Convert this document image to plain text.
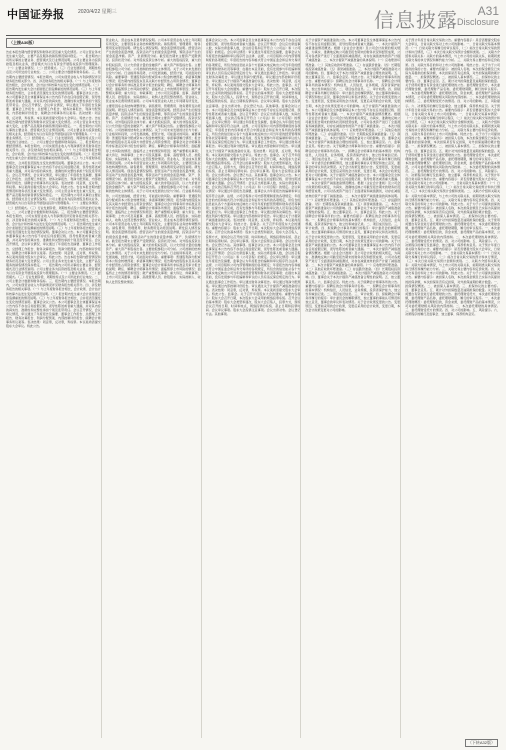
中国证券报	2020/4/22 星期三	信息披露 A31
Disclosure
（上接A30版）
告在本报告期内经营情况和财务状况及重大变化情况。公司主营业务未发生重大变化，主要产品及服务的销售情况保持稳定。一、报告期内公司所从事的主要业务、经营模式及行业情况说明。公司主要业务为投资控股及相关业务，经营模式为以自有资金开展股权投资与管理服务。（一）主要业务情况。（二）经营模式。（三）行业发展阶段、周期性特点及公司所处的行业地位。二、公司主要会计数据和财务指标。三、报告期内主要经营情况。本报告期内，公司实现营业收入与利润情况详见财务报告相关部分。四、涉及财务报告的相关事项。（一）与上年度财务报告相比，会计政策、会计估计和核算方法发生变化的情况说明。（二）报告期内发生重大会计差错更正需追溯重述的情况说明。（三）与上年度财务报告相比，合并报表范围发生变化的情况说明。董事会决议公告。本公司董事会及全体董事保证本公告内容不存在任何虚假记载、误导性陈述或者重大遗漏，并对其内容的真实性、准确性和完整性承担个别及连带责任。会议召开情况，会议审议情况，审议通过了年度报告及摘要、董事会工作报告、总经理工作报告、财务决算报告、利润分配预案、内部控制评价报告、续聘会计师事务所议案等。表决结果：同意票，反对票，弃权票。本议案尚需提交股东大会审议。特此公告。告在本报告期内经营情况和财务状况及重大变化情况。公司主营业务未发生重大变化，主要产品及服务的销售情况保持稳定。一、报告期内公司所从事的主要业务、经营模式及行业情况说明。公司主要业务为投资控股及相关业务，经营模式为以自有资金开展股权投资与管理服务。（一）主要业务情况。（二）经营模式。（三）行业发展阶段、周期性特点及公司所处的行业地位。二、公司主要会计数据和财务指标。三、报告期内主要经营情况。本报告期内，公司实现营业收入与利润情况详见财务报告相关部分。四、涉及财务报告的相关事项。（一）与上年度财务报告相比，会计政策、会计估计和核算方法发生变化的情况说明。（二）报告期内发生重大会计差错更正需追溯重述的情况说明。（三）与上年度财务报告相比，合并报表范围发生变化的情况说明。董事会决议公告。本公司董事会及全体董事保证本公告内容不存在任何虚假记载、误导性陈述或者重大遗漏，并对其内容的真实性、准确性和完整性承担个别及连带责任。会议召开情况，会议审议情况，审议通过了年度报告及摘要、董事会工作报告、总经理工作报告、财务决算报告、利润分配预案、内部控制评价报告、续聘会计师事务所议案等。表决结果：同意票，反对票，弃权票。本议案尚需提交股东大会审议。特此公告。告在本报告期内经营情况和财务状况及重大变化情况。公司主营业务未发生重大变化，主要产品及服务的销售情况保持稳定。一、报告期内公司所从事的主要业务、经营模式及行业情况说明。公司主要业务为投资控股及相关业务，经营模式为以自有资金开展股权投资与管理服务。（一）主要业务情况。（二）经营模式。（三）行业发展阶段、周期性特点及公司所处的行业地位。二、公司主要会计数据和财务指标。三、报告期内主要经营情况。本报告期内，公司实现营业收入与利润情况详见财务报告相关部分。四、涉及财务报告的相关事项。（一）与上年度财务报告相比，会计政策、会计估计和核算方法发生变化的情况说明。（二）报告期内发生重大会计差错更正需追溯重述的情况说明。（三）与上年度财务报告相比，合并报表范围发生变化的情况说明。董事会决议公告。本公司董事会及全体董事保证本公告内容不存在任何虚假记载、误导性陈述或者重大遗漏，并对其内容的真实性、准确性和完整性承担个别及连带责任。会议召开情况，会议审议情况，审议通过了年度报告及摘要、董事会工作报告、总经理工作报告、财务决算报告、利润分配预案、内部控制评价报告、续聘会计师事务所议案等。表决结果：同意票，反对票，弃权票。本议案尚需提交股东大会审议。特此公告。告在本报告期内经营情况和财务状况及重大变化情况。公司主营业务未发生重大变化，主要产品及服务的销售情况保持稳定。一、报告期内公司所从事的主要业务、经营模式及行业情况说明。公司主要业务为投资控股及相关业务，经营模式为以自有资金开展股权投资与管理服务。（一）主要业务情况。（二）经营模式。（三）行业发展阶段、周期性特点及公司所处的行业地位。二、公司主要会计数据和财务指标。三、报告期内主要经营情况。本报告期内，公司实现营业收入与利润情况详见财务报告相关部分。四、涉及财务报告的相关事项。（一）与上年度财务报告相比，会计政策、会计估计和核算方法发生变化的情况说明。（二）报告期内发生重大会计差错更正需追溯重述的情况说明。（三）与上年度财务报告相比，合并报表范围发生变化的情况说明。董事会决议公告。本公司董事会及全体董事保证本公告内容不存在任何虚假记载、误导性陈述或者重大遗漏，并对其内容的真实性、准确性和完整性承担个别及连带责任。会议召开情况，会议审议情况，审议通过了年度报告及摘要、董事会工作报告、总经理工作报告、财务决算报告、利润分配预案、内部控制评价报告、续聘会计师事务所议案等。表决结果：同意票，反对票，弃权票。本议案尚需提交股东大会审议。特此公告。
营业收入、营业成本及费用情况说明。公司本年度营业收入较上年同期有所变化，主要原因系业务结构调整所致。销售费用、管理费用、财务费用变动原因说明。研发投入情况说明。现金流量情况说明。经营活动产生的现金流量净额，投资活动产生的现金流量净额，筹资活动产生的现金流量净额。资产、负债情况分析。截至报告期末主要资产受限情况。投资状况分析。对外股权投资总体分析。重大的股权投资，重大的非股权投资，以公允价值计量的金融资产。重大资产和股权出售。主要控股参股公司分析。公司控制的结构化主体情况。关于公司未来发展的讨论与分析。行业格局和趋势，公司发展战略，经营计划，可能面对的风险。重要事项：普通股利润分配或资本公积金转增预案；承诺事项履行情况；报告期内控股股东及其关联方非经营性占用资金情况；董事会对会计师事务所非标准意见审计报告的说明；聘任、解聘会计师事务所情况；面临暂停上市风险的情况；面临终止上市的情况和原因；破产重整相关事项；重大诉讼、仲裁事项；上市公司及其董事、监事、高级管理人员、控股股东、实际控制人、收购人处罚及整改情况。营业收入、营业成本及费用情况说明。公司本年度营业收入较上年同期有所变化，主要原因系业务结构调整所致。销售费用、管理费用、财务费用变动原因说明。研发投入情况说明。现金流量情况说明。经营活动产生的现金流量净额，投资活动产生的现金流量净额，筹资活动产生的现金流量净额。资产、负债情况分析。截至报告期末主要资产受限情况。投资状况分析。对外股权投资总体分析。重大的股权投资，重大的非股权投资，以公允价值计量的金融资产。重大资产和股权出售。主要控股参股公司分析。公司控制的结构化主体情况。关于公司未来发展的讨论与分析。行业格局和趋势，公司发展战略，经营计划，可能面对的风险。重要事项：普通股利润分配或资本公积金转增预案；承诺事项履行情况；报告期内控股股东及其关联方非经营性占用资金情况；董事会对会计师事务所非标准意见审计报告的说明；聘任、解聘会计师事务所情况；面临暂停上市风险的情况；面临终止上市的情况和原因；破产重整相关事项；重大诉讼、仲裁事项；上市公司及其董事、监事、高级管理人员、控股股东、实际控制人、收购人处罚及整改情况。营业收入、营业成本及费用情况说明。公司本年度营业收入较上年同期有所变化，主要原因系业务结构调整所致。销售费用、管理费用、财务费用变动原因说明。研发投入情况说明。现金流量情况说明。经营活动产生的现金流量净额，投资活动产生的现金流量净额，筹资活动产生的现金流量净额。资产、负债情况分析。截至报告期末主要资产受限情况。投资状况分析。对外股权投资总体分析。重大的股权投资，重大的非股权投资，以公允价值计量的金融资产。重大资产和股权出售。主要控股参股公司分析。公司控制的结构化主体情况。关于公司未来发展的讨论与分析。行业格局和趋势，公司发展战略，经营计划，可能面对的风险。重要事项：普通股利润分配或资本公积金转增预案；承诺事项履行情况；报告期内控股股东及其关联方非经营性占用资金情况；董事会对会计师事务所非标准意见审计报告的说明；聘任、解聘会计师事务所情况；面临暂停上市风险的情况；面临终止上市的情况和原因；破产重整相关事项；重大诉讼、仲裁事项；上市公司及其董事、监事、高级管理人员、控股股东、实际控制人、收购人处罚及整改情况。营业收入、营业成本及费用情况说明。公司本年度营业收入较上年同期有所变化，主要原因系业务结构调整所致。销售费用、管理费用、财务费用变动原因说明。研发投入情况说明。现金流量情况说明。经营活动产生的现金流量净额，投资活动产生的现金流量净额，筹资活动产生的现金流量净额。资产、负债情况分析。截至报告期末主要资产受限情况。投资状况分析。对外股权投资总体分析。重大的股权投资，重大的非股权投资，以公允价值计量的金融资产。重大资产和股权出售。主要控股参股公司分析。公司控制的结构化主体情况。关于公司未来发展的讨论与分析。行业格局和趋势，公司发展战略，经营计划，可能面对的风险。重要事项：普通股利润分配或资本公积金转增预案；承诺事项履行情况；报告期内控股股东及其关联方非经营性占用资金情况；董事会对会计师事务所非标准意见审计报告的说明；聘任、解聘会计师事务所情况；面临暂停上市风险的情况；面临终止上市的情况和原因；破产重整相关事项；重大诉讼、仲裁事项；上市公司及其董事、监事、高级管理人员、控股股东、实际控制人、收购人处罚及整改情况。
监事会决议公告。本公司监事会及全体监事保证本公告内容不存在任何虚假记载、误导性陈述或者重大遗漏。会议召开情况：会议应出席监事人数，实际出席监事人数，会议的召集和召开符合《公司法》和《公司章程》的规定。会议审议情况：审议通过年度报告及摘要，监事会认为年度报告的编制和审议程序符合法律、法规、公司章程和公司内部管理制度的各项规定；年度报告的内容和格式符合中国证监会和证券交易所的各项规定，所包含的信息能从各个方面真实地反映出公司当年度的经营管理和财务状况等事项；在提出本意见前，没有发现参与年报编制和审议的人员有违反保密规定的行为。审议通过监事会工作报告。审议通过财务决算报告。审议通过利润分配预案。审议通过内部控制评价报告。审议通过关于计提资产减值准备的议案。表决结果：同意票，反对票，弃权票。本议案尚需提交股东大会审议。特此公告。监事会。关于召开年度股东大会的通知。重要内容提示：股东大会召开日期，本次股东大会采用的网络投票系统。召开会议的基本情况：股东大会类型和届次，股东大会召集人，投票方式，现场会议召开的日期、时间和地点，网络投票的系统、起止日期和投票时间。会议审议事项。股东大会投票注意事项。会议出席对象。会议登记方法。其他事项。监事会决议公告。本公司监事会及全体监事保证本公告内容不存在任何虚假记载、误导性陈述或者重大遗漏。会议召开情况：会议应出席监事人数，实际出席监事人数，会议的召集和召开符合《公司法》和《公司章程》的规定。会议审议情况：审议通过年度报告及摘要，监事会认为年度报告的编制和审议程序符合法律、法规、公司章程和公司内部管理制度的各项规定；年度报告的内容和格式符合中国证监会和证券交易所的各项规定，所包含的信息能从各个方面真实地反映出公司当年度的经营管理和财务状况等事项；在提出本意见前，没有发现参与年报编制和审议的人员有违反保密规定的行为。审议通过监事会工作报告。审议通过财务决算报告。审议通过利润分配预案。审议通过内部控制评价报告。审议通过关于计提资产减值准备的议案。表决结果：同意票，反对票，弃权票。本议案尚需提交股东大会审议。特此公告。监事会。关于召开年度股东大会的通知。重要内容提示：股东大会召开日期，本次股东大会采用的网络投票系统。召开会议的基本情况：股东大会类型和届次，股东大会召集人，投票方式，现场会议召开的日期、时间和地点，网络投票的系统、起止日期和投票时间。会议审议事项。股东大会投票注意事项。会议出席对象。会议登记方法。其他事项。监事会决议公告。本公司监事会及全体监事保证本公告内容不存在任何虚假记载、误导性陈述或者重大遗漏。会议召开情况：会议应出席监事人数，实际出席监事人数，会议的召集和召开符合《公司法》和《公司章程》的规定。会议审议情况：审议通过年度报告及摘要，监事会认为年度报告的编制和审议程序符合法律、法规、公司章程和公司内部管理制度的各项规定；年度报告的内容和格式符合中国证监会和证券交易所的各项规定，所包含的信息能从各个方面真实地反映出公司当年度的经营管理和财务状况等事项；在提出本意见前，没有发现参与年报编制和审议的人员有违反保密规定的行为。审议通过监事会工作报告。审议通过财务决算报告。审议通过利润分配预案。审议通过内部控制评价报告。审议通过关于计提资产减值准备的议案。表决结果：同意票，反对票，弃权票。本议案尚需提交股东大会审议。特此公告。监事会。关于召开年度股东大会的通知。重要内容提示：股东大会召开日期，本次股东大会采用的网络投票系统。召开会议的基本情况：股东大会类型和届次，股东大会召集人，投票方式，现场会议召开的日期、时间和地点，网络投票的系统、起止日期和投票时间。会议审议事项。股东大会投票注意事项。会议出席对象。会议登记方法。其他事项。监事会决议公告。本公司监事会及全体监事保证本公告内容不存在任何虚假记载、误导性陈述或者重大遗漏。会议召开情况：会议应出席监事人数，实际出席监事人数，会议的召集和召开符合《公司法》和《公司章程》的规定。会议审议情况：审议通过年度报告及摘要，监事会认为年度报告的编制和审议程序符合法律、法规、公司章程和公司内部管理制度的各项规定；年度报告的内容和格式符合中国证监会和证券交易所的各项规定，所包含的信息能从各个方面真实地反映出公司当年度的经营管理和财务状况等事项；在提出本意见前，没有发现参与年报编制和审议的人员有违反保密规定的行为。审议通过监事会工作报告。审议通过财务决算报告。审议通过利润分配预案。审议通过内部控制评价报告。审议通过关于计提资产减值准备的议案。表决结果：同意票，反对票，弃权票。本议案尚需提交股东大会审议。特此公告。监事会。关于召开年度股东大会的通知。重要内容提示：股东大会召开日期，本次股东大会采用的网络投票系统。召开会议的基本情况：股东大会类型和届次，股东大会召集人，投票方式，现场会议召开的日期、时间和地点，网络投票的系统、起止日期和投票时间。会议审议事项。股东大会投票注意事项。会议出席对象。会议登记方法。其他事项。
关于计提资产减值准备的公告。本公司董事会及全体董事保证本公告内容不存在任何虚假记载、误导性陈述或者重大遗漏。一、本次计提资产减值准备情况概述。根据《企业会计准则》及公司会计政策的相关规定，为真实、准确地反映公司截至报告期末的财务状况和经营成果，公司对各类资产进行了全面清查和减值测试，对存在减值迹象的资产计提了减值准备。二、本次计提资产减值准备的具体说明。（一）应收账款坏账准备。（二）其他应收款坏账准备。（三）存货跌价准备。（四）长期股权投资减值准备。（五）商誉减值准备。三、本次计提资产减值准备对公司的影响。四、董事会关于本次计提资产减值准备合理性的说明。五、独立董事意见。六、监事会意见。特此公告。关于续聘会计师事务所的公告。重要内容提示：拟聘任的会计师事务所名称。一、拟聘任会计师事务所的基本情况：机构信息，人员信息，业务规模，投资者保护能力，独立性和诚信记录。二、项目成员信息。三、审计收费。四、拟续聘会计事务所履行的程序：审计委员会的履职情况，独立董事的事前认可情况和独立意见，董事会的审议和表决情况。关于会计政策变更的公告。变更原因，变更前采用的会计政策，变更后采用的会计政策，变更日期，本次会计政策变更对公司的影响。关于计提资产减值准备的公告。本公司董事会及全体董事保证本公告内容不存在任何虚假记载、误导性陈述或者重大遗漏。一、本次计提资产减值准备情况概述。根据《企业会计准则》及公司会计政策的相关规定，为真实、准确地反映公司截至报告期末的财务状况和经营成果，公司对各类资产进行了全面清查和减值测试，对存在减值迹象的资产计提了减值准备。二、本次计提资产减值准备的具体说明。（一）应收账款坏账准备。（二）其他应收款坏账准备。（三）存货跌价准备。（四）长期股权投资减值准备。（五）商誉减值准备。三、本次计提资产减值准备对公司的影响。四、董事会关于本次计提资产减值准备合理性的说明。五、独立董事意见。六、监事会意见。特此公告。关于续聘会计师事务所的公告。重要内容提示：拟聘任的会计师事务所名称。一、拟聘任会计师事务所的基本情况：机构信息，人员信息，业务规模，投资者保护能力，独立性和诚信记录。二、项目成员信息。三、审计收费。四、拟续聘会计事务所履行的程序：审计委员会的履职情况，独立董事的事前认可情况和独立意见，董事会的审议和表决情况。关于会计政策变更的公告。变更原因，变更前采用的会计政策，变更后采用的会计政策，变更日期，本次会计政策变更对公司的影响。关于计提资产减值准备的公告。本公司董事会及全体董事保证本公告内容不存在任何虚假记载、误导性陈述或者重大遗漏。一、本次计提资产减值准备情况概述。根据《企业会计准则》及公司会计政策的相关规定，为真实、准确地反映公司截至报告期末的财务状况和经营成果，公司对各类资产进行了全面清查和减值测试，对存在减值迹象的资产计提了减值准备。二、本次计提资产减值准备的具体说明。（一）应收账款坏账准备。（二）其他应收款坏账准备。（三）存货跌价准备。（四）长期股权投资减值准备。（五）商誉减值准备。三、本次计提资产减值准备对公司的影响。四、董事会关于本次计提资产减值准备合理性的说明。五、独立董事意见。六、监事会意见。特此公告。关于续聘会计师事务所的公告。重要内容提示：拟聘任的会计师事务所名称。一、拟聘任会计师事务所的基本情况：机构信息，人员信息，业务规模，投资者保护能力，独立性和诚信记录。二、项目成员信息。三、审计收费。四、拟续聘会计事务所履行的程序：审计委员会的履职情况，独立董事的事前认可情况和独立意见，董事会的审议和表决情况。关于会计政策变更的公告。变更原因，变更前采用的会计政策，变更后采用的会计政策，变更日期，本次会计政策变更对公司的影响。关于计提资产减值准备的公告。本公司董事会及全体董事保证本公告内容不存在任何虚假记载、误导性陈述或者重大遗漏。一、本次计提资产减值准备情况概述。根据《企业会计准则》及公司会计政策的相关规定，为真实、准确地反映公司截至报告期末的财务状况和经营成果，公司对各类资产进行了全面清查和减值测试，对存在减值迹象的资产计提了减值准备。二、本次计提资产减值准备的具体说明。（一）应收账款坏账准备。（二）其他应收款坏账准备。（三）存货跌价准备。（四）长期股权投资减值准备。（五）商誉减值准备。三、本次计提资产减值准备对公司的影响。四、董事会关于本次计提资产减值准备合理性的说明。五、独立董事意见。六、监事会意见。特此公告。关于续聘会计师事务所的公告。重要内容提示：拟聘任的会计师事务所名称。一、拟聘任会计师事务所的基本情况：机构信息，人员信息，业务规模，投资者保护能力，独立性和诚信记录。二、项目成员信息。三、审计收费。四、拟续聘会计事务所履行的程序：审计委员会的履职情况，独立董事的事前认可情况和独立意见，董事会的审议和表决情况。关于会计政策变更的公告。变更原因，变更前采用的会计政策，变更后采用的会计政策，变更日期，本次会计政策变更对公司的影响。
关于预计年度日常关联交易的公告。重要内容提示：是否需要提交股东大会审议，日常关联交易对上市公司的影响。一、日常关联交易基本情况：（一）日常关联交易履行的审议程序，（二）前次日常关联交易的预计和执行情况，（三）本次日常关联交易预计金额和类别。二、关联方介绍和关联关系：关联方的基本情况，与上市公司的关联关系，前期同类关联交易的执行情况和履约能力分析。三、关联交易主要内容和定价政策。四、关联交易目的和对上市公司的影响。特此公告。关于为子公司提供担保的公告。重要内容提示：被担保人名称，本次担保金额及已实际为其提供的担保余额，本次担保是否有反担保，对外担保逾期的累计数量。一、担保情况概述。二、被担保人基本情况。三、担保协议的主要内容。四、董事会意见。五、累计对外担保数量及逾期担保的数量。关于使用闲置自有资金进行委托理财的公告。委托理财受托方，本次委托理财金额，委托理财产品名称，委托理财期限，履行的审议程序。一、本次委托理财概况：委托理财目的，资金来源，委托理财产品的基本情况，公司对委托理财相关风险的内部控制。二、本次委托理财的具体情况。三、委托理财受托方的情况。四、对公司的影响。五、风险提示。六、决策程序的履行及监事会、独立董事、保荐机构意见。关于预计年度日常关联交易的公告。重要内容提示：是否需要提交股东大会审议，日常关联交易对上市公司的影响。一、日常关联交易基本情况：（一）日常关联交易履行的审议程序，（二）前次日常关联交易的预计和执行情况，（三）本次日常关联交易预计金额和类别。二、关联方介绍和关联关系：关联方的基本情况，与上市公司的关联关系，前期同类关联交易的执行情况和履约能力分析。三、关联交易主要内容和定价政策。四、关联交易目的和对上市公司的影响。特此公告。关于为子公司提供担保的公告。重要内容提示：被担保人名称，本次担保金额及已实际为其提供的担保余额，本次担保是否有反担保，对外担保逾期的累计数量。一、担保情况概述。二、被担保人基本情况。三、担保协议的主要内容。四、董事会意见。五、累计对外担保数量及逾期担保的数量。关于使用闲置自有资金进行委托理财的公告。委托理财受托方，本次委托理财金额，委托理财产品名称，委托理财期限，履行的审议程序。一、本次委托理财概况：委托理财目的，资金来源，委托理财产品的基本情况，公司对委托理财相关风险的内部控制。二、本次委托理财的具体情况。三、委托理财受托方的情况。四、对公司的影响。五、风险提示。六、决策程序的履行及监事会、独立董事、保荐机构意见。关于预计年度日常关联交易的公告。重要内容提示：是否需要提交股东大会审议，日常关联交易对上市公司的影响。一、日常关联交易基本情况：（一）日常关联交易履行的审议程序，（二）前次日常关联交易的预计和执行情况，（三）本次日常关联交易预计金额和类别。二、关联方介绍和关联关系：关联方的基本情况，与上市公司的关联关系，前期同类关联交易的执行情况和履约能力分析。三、关联交易主要内容和定价政策。四、关联交易目的和对上市公司的影响。特此公告。关于为子公司提供担保的公告。重要内容提示：被担保人名称，本次担保金额及已实际为其提供的担保余额，本次担保是否有反担保，对外担保逾期的累计数量。一、担保情况概述。二、被担保人基本情况。三、担保协议的主要内容。四、董事会意见。五、累计对外担保数量及逾期担保的数量。关于使用闲置自有资金进行委托理财的公告。委托理财受托方，本次委托理财金额，委托理财产品名称，委托理财期限，履行的审议程序。一、本次委托理财概况：委托理财目的，资金来源，委托理财产品的基本情况，公司对委托理财相关风险的内部控制。二、本次委托理财的具体情况。三、委托理财受托方的情况。四、对公司的影响。五、风险提示。六、决策程序的履行及监事会、独立董事、保荐机构意见。关于预计年度日常关联交易的公告。重要内容提示：是否需要提交股东大会审议，日常关联交易对上市公司的影响。一、日常关联交易基本情况：（一）日常关联交易履行的审议程序，（二）前次日常关联交易的预计和执行情况，（三）本次日常关联交易预计金额和类别。二、关联方介绍和关联关系：关联方的基本情况，与上市公司的关联关系，前期同类关联交易的执行情况和履约能力分析。三、关联交易主要内容和定价政策。四、关联交易目的和对上市公司的影响。特此公告。关于为子公司提供担保的公告。重要内容提示：被担保人名称，本次担保金额及已实际为其提供的担保余额，本次担保是否有反担保，对外担保逾期的累计数量。一、担保情况概述。二、被担保人基本情况。三、担保协议的主要内容。四、董事会意见。五、累计对外担保数量及逾期担保的数量。关于使用闲置自有资金进行委托理财的公告。委托理财受托方，本次委托理财金额，委托理财产品名称，委托理财期限，履行的审议程序。一、本次委托理财概况：委托理财目的，资金来源，委托理财产品的基本情况，公司对委托理财相关风险的内部控制。二、本次委托理财的具体情况。三、委托理财受托方的情况。四、对公司的影响。五、风险提示。六、决策程序的履行及监事会、独立董事、保荐机构意见。
（下转A32版）
